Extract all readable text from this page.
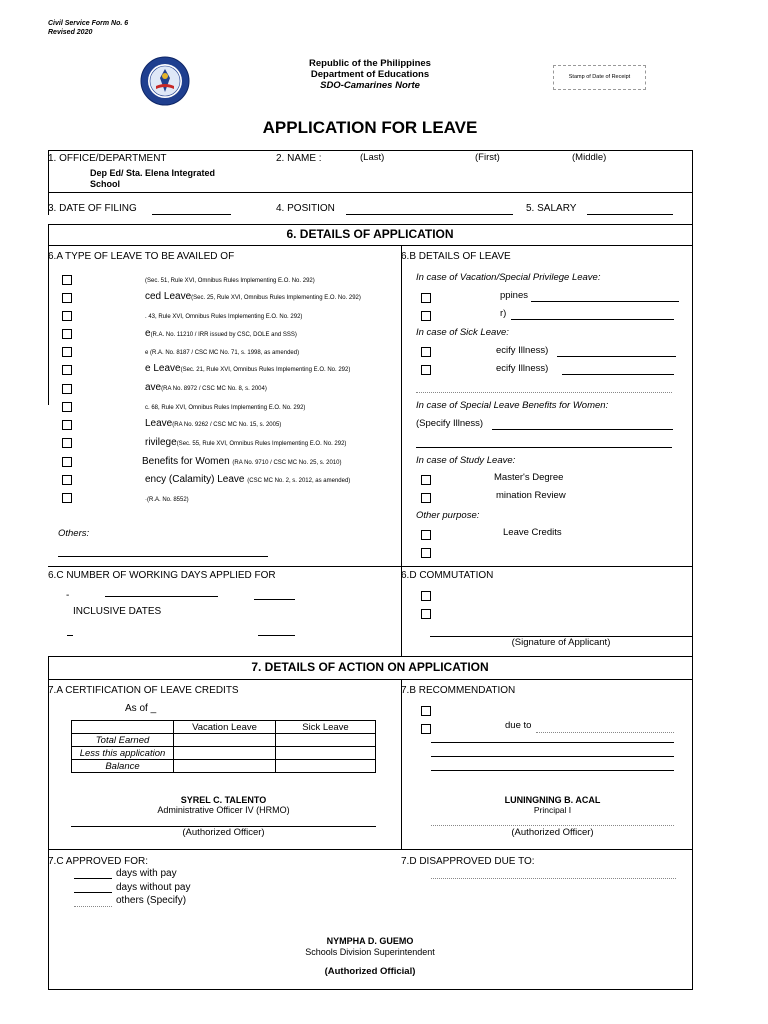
Civil Service Form No. 6
Revised 2020
Republic of the Philippines
Department of Educations
SDO-Camarines Norte
Stamp of Date of Receipt
APPLICATION FOR LEAVE
1. OFFICE/DEPARTMENT
Dep Ed/ Sta. Elena Integrated
School
2. NAME :	(Last)	(First)	(Middle)
3. DATE OF FILING	4. POSITION	5. SALARY
6. DETAILS OF APPLICATION
6.A TYPE OF LEAVE TO BE AVAILED OF
(Sec. 51, Rule XVI, Omnibus Rules Implementing E.O. No. 292)
ced Leave(Sec. 25, Rule XVI, Omnibus Rules Implementing E.O. No. 292)
. 43, Rule XVI, Omnibus Rules Implementing E.O. No. 292)
e(R.A. No. 11210 / IRR issued by CSC, DOLE and SSS)
e (R.A. No. 8187 / CSC MC No. 71, s. 1998, as amended)
e Leave(Sec. 21, Rule XVI, Omnibus Rules Implementing E.O. No. 292)
ave(RA No. 8972 / CSC MC No. 8, s. 2004)
c. 68, Rule XVI, Omnibus Rules Implementing E.O. No. 292)
Leave(RA No. 9262 / CSC MC No. 15, s. 2005)
rivilege(Sec. 55, Rule XVI, Omnibus Rules Implementing E.O. No. 292)
Benefits for Women (RA No. 9710 / CSC MC No. 25, s. 2010)
ency (Calamity) Leave (CSC MC No. 2, s. 2012, as amended)
·(R.A. No. 8552)
Others:
6.B DETAILS OF LEAVE
In case of Vacation/Special Privilege Leave:
ppines
r)
In case of Sick Leave:
ecify Illness)
ecify Illness)
In case of Special Leave Benefits for Women:
(Specify Illness)
In case of Study Leave:
Master's Degree
mination Review
Other purpose:
Leave Credits
6.C NUMBER OF WORKING DAYS APPLIED FOR
-
INCLUSIVE DATES
6.D COMMUTATION
(Signature of Applicant)
7. DETAILS OF ACTION ON APPLICATION
7.A CERTIFICATION OF LEAVE CREDITS
As of _
	Vacation Leave	Sick Leave
Total Earned		
Less this application		
Balance		
SYREL C. TALENTO
Administrative Officer IV (HRMO)
(Authorized Officer)
7.B RECOMMENDATION
due to
LUNINGNING B. ACAL
Principal I
(Authorized Officer)
7.C APPROVED FOR:
days with pay
days without pay
others (Specify)
7.D DISAPPROVED DUE TO:
NYMPHA D. GUEMO
Schools Division Superintendent
(Authorized Official)
